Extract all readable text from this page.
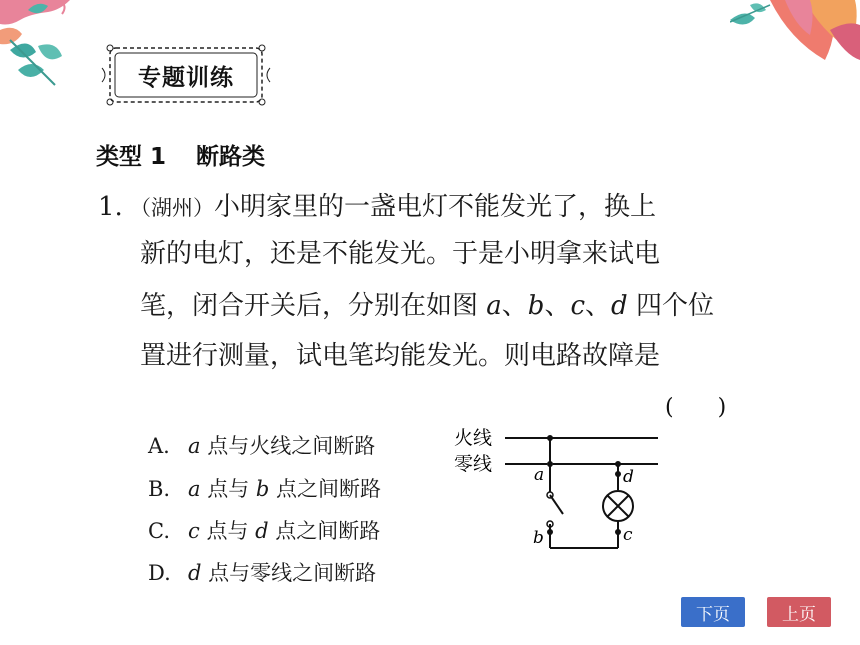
专题训练
类型 1 断路类
1. （湖州）小明家里的一盏电灯不能发光了，换上
新的电灯，还是不能发光。于是小明拿来试电
笔，闭合开关后，分别在如图 a、b、c、d 四个位
置进行测量，试电笔均能发光。则电路故障是
(　　)
A. a 点与火线之间断路
B. a 点与 b 点之间断路
C. c 点与 d 点之间断路
D. d 点与零线之间断路
火线
零线 a
b
d
c
下页	上页
